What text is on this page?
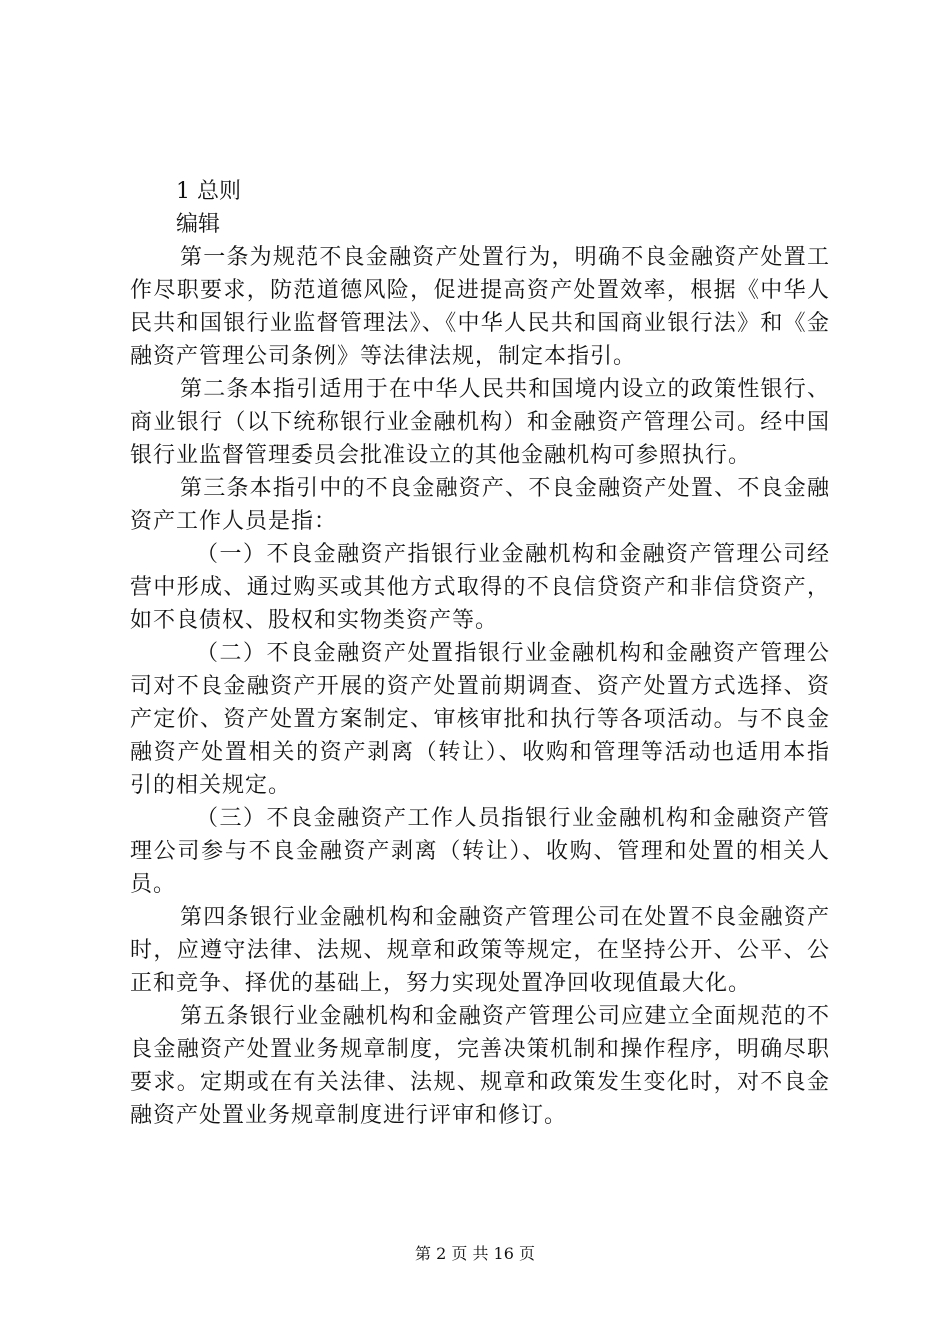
1 总则
编辑

第一条为规范不良金融资产处置行为，明确不良金融资产处置工作尽职要求，防范道德风险，促进提高资产处置效率，根据《中华人民共和国银行业监督管理法》、《中华人民共和国商业银行法》和《金融资产管理公司条例》等法律法规，制定本指引。

第二条本指引适用于在中华人民共和国境内设立的政策性银行、商业银行（以下统称银行业金融机构）和金融资产管理公司。经中国银行业监督管理委员会批准设立的其他金融机构可参照执行。

第三条本指引中的不良金融资产、不良金融资产处置、不良金融资产工作人员是指：

（一）不良金融资产指银行业金融机构和金融资产管理公司经营中形成、通过购买或其他方式取得的不良信贷资产和非信贷资产，如不良债权、股权和实物类资产等。

（二）不良金融资产处置指银行业金融机构和金融资产管理公司对不良金融资产开展的资产处置前期调查、资产处置方式选择、资产定价、资产处置方案制定、审核审批和执行等各项活动。与不良金融资产处置相关的资产剥离（转让）、收购和管理等活动也适用本指引的相关规定。

（三）不良金融资产工作人员指银行业金融机构和金融资产管理公司参与不良金融资产剥离（转让）、收购、管理和处置的相关人员。

第四条银行业金融机构和金融资产管理公司在处置不良金融资产时，应遵守法律、法规、规章和政策等规定，在坚持公开、公平、公正和竞争、择优的基础上，努力实现处置净回收现值最大化。

第五条银行业金融机构和金融资产管理公司应建立全面规范的不良金融资产处置业务规章制度，完善决策机制和操作程序，明确尽职要求。定期或在有关法律、法规、规章和政策发生变化时，对不良金融资产处置业务规章制度进行评审和修订。

第 2 页 共 16 页
